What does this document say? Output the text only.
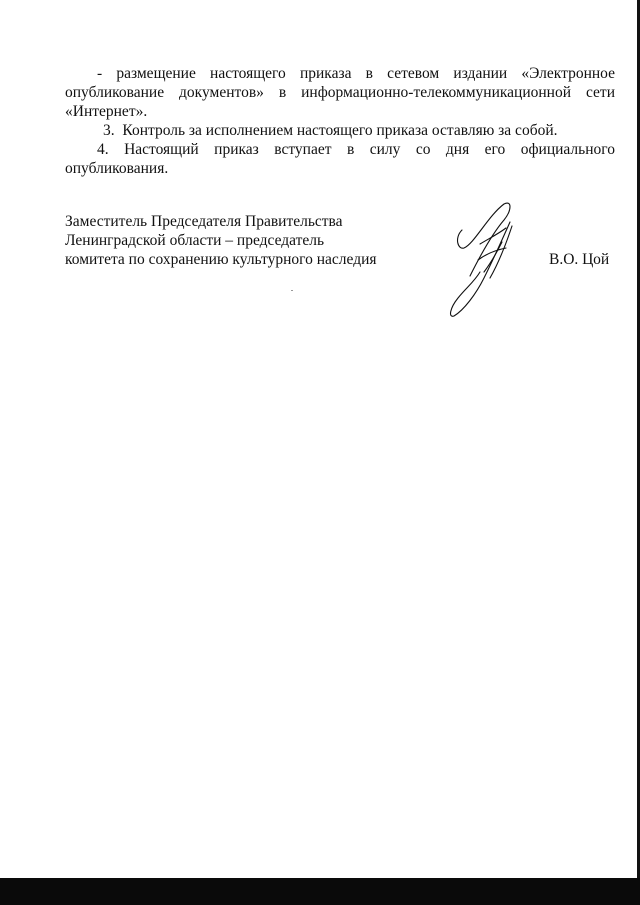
- размещение настоящего приказа в сетевом издании «Электронное опубликование документов» в информационно-телекоммуникационной сети «Интернет».

3.  Контроль за исполнением настоящего приказа оставляю за собой.

4. Настоящий приказ вступает в силу со дня его официального опубликования.

Заместитель Председателя Правительства
Ленинградской области – председатель
комитета по сохранению культурного наследия	В.О. Цой
